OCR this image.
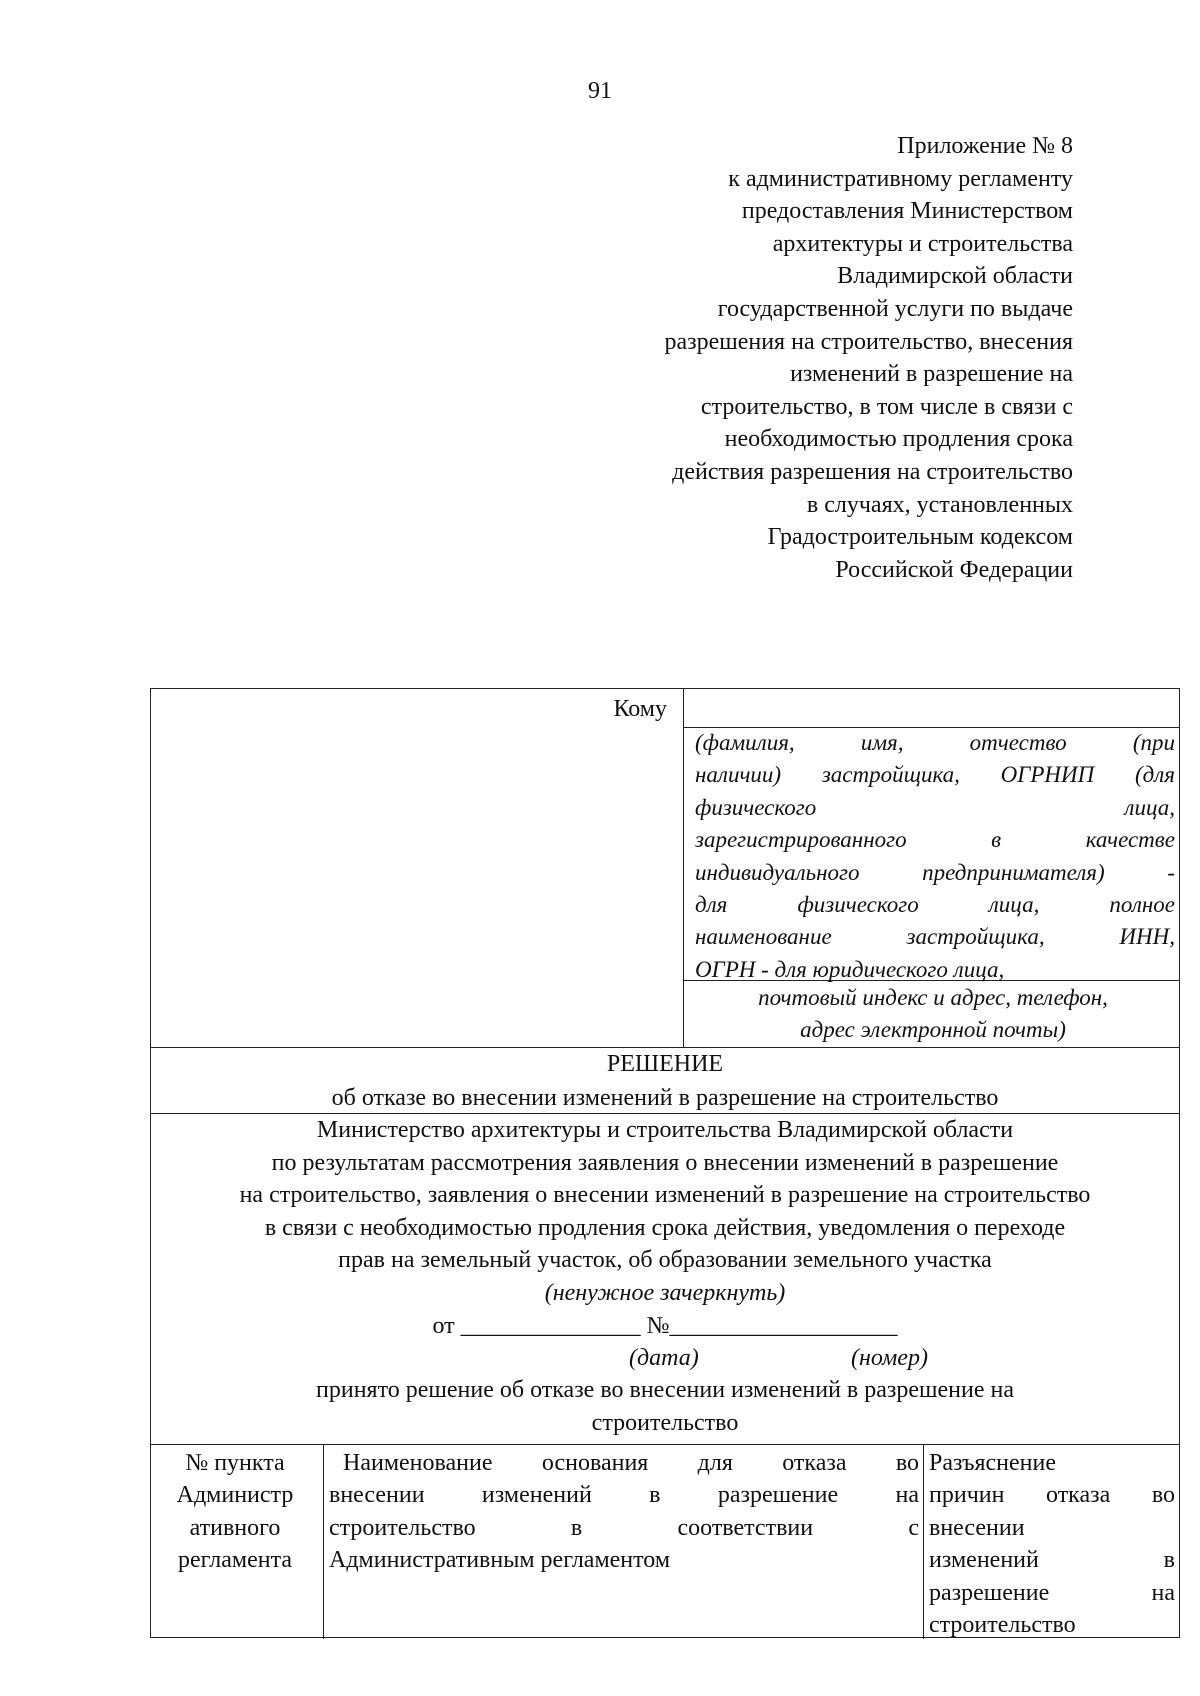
91
Приложение № 8
к административному регламенту
предоставления Министерством
архитектуры и строительства
Владимирской области
государственной услуги по выдаче
разрешения на строительство, внесения
изменений в разрешение на
строительство, в том числе в связи с
необходимостью продления срока
действия разрешения на строительство
в случаях, установленных
Градостроительным кодексом
Российской Федерации
Кому
(фамилия, имя, отчество (при
наличии) застройщика, ОГРНИП (для
физического лица,
зарегистрированного в качестве
индивидуального предпринимателя) -
для физического лица, полное
наименование застройщика, ИНН,
ОГРН - для юридического лица,
почтовый индекс и адрес, телефон,
адрес электронной почты)
РЕШЕНИЕ
об отказе во внесении изменений в разрешение на строительство
Министерство архитектуры и строительства Владимирской области
по результатам рассмотрения заявления о внесении изменений в разрешение
на строительство, заявления о внесении изменений в разрешение на строительство
в связи с необходимостью продления срока действия, уведомления о переходе
прав на земельный участок, об образовании земельного участка
(ненужное зачеркнуть)
от _______________ №___________________
(дата)	(номер)
принято решение об отказе во внесении изменений в разрешение на
строительство
№ пункта
Администр
ативного
регламента
Наименование основания для отказа во
внесении изменений в разрешение на
строительство в соответствии с
Административным регламентом
Разъяснение
причин отказа во
внесении
изменений в
разрешение на
строительство
